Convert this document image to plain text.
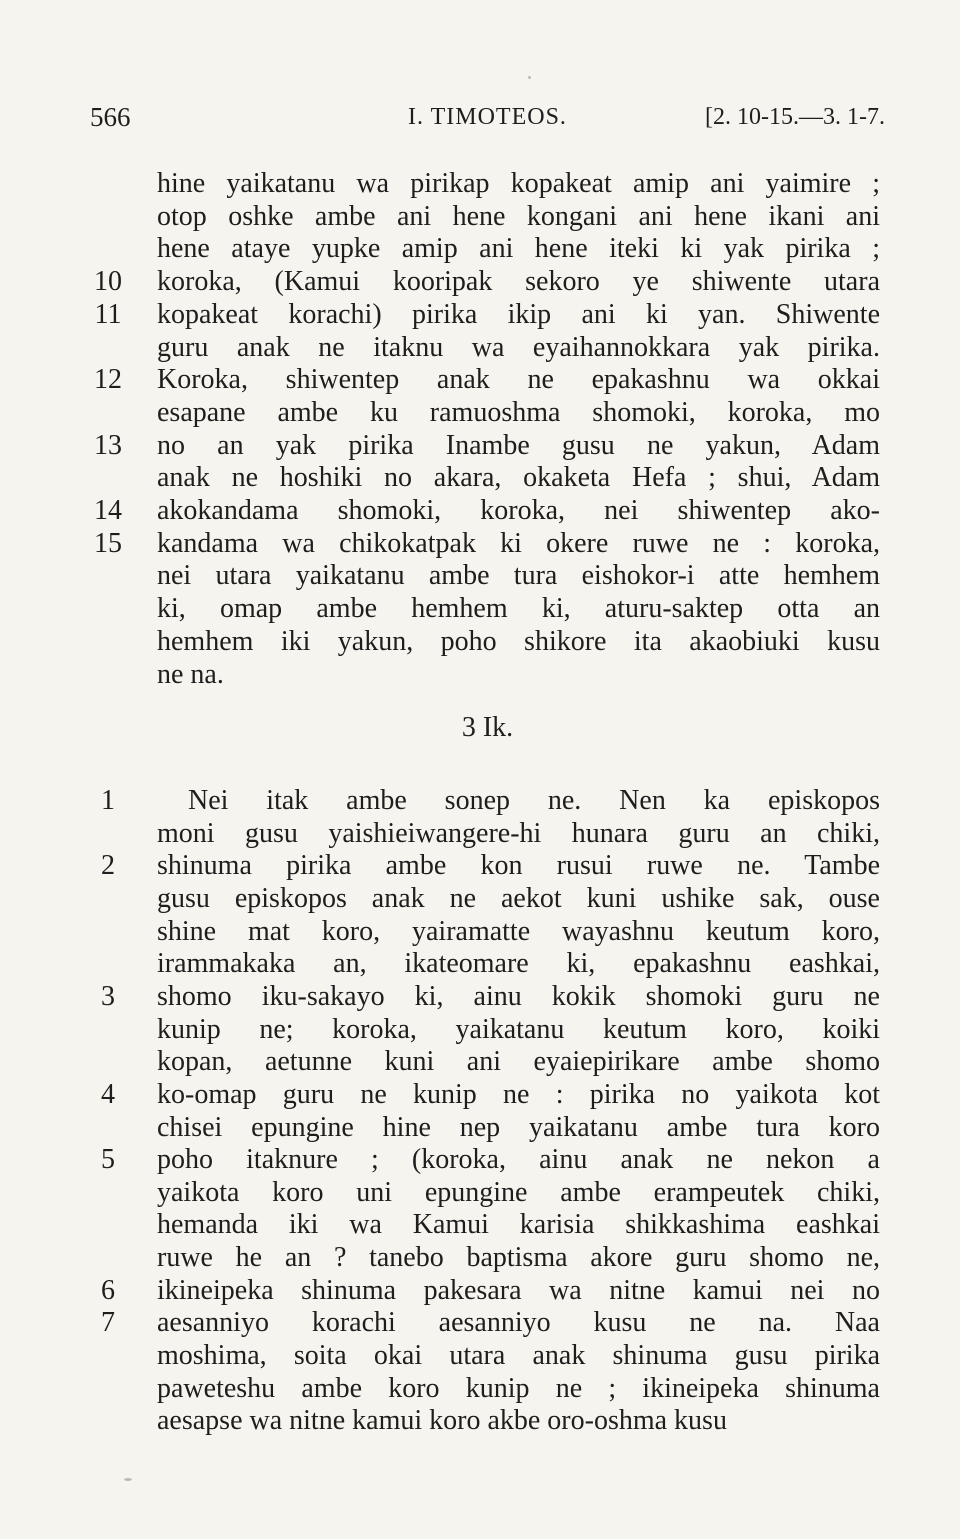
566	I. TIMOTEOS.	[2. 10-15.—3. 1-7.
hine yaikatanu wa pirikap kopakeat amip ani yaimire ;
otop oshke ambe ani hene kongani ani hene ikani ani
hene ataye yupke amip ani hene iteki ki yak pirika ;
koroka, (Kamui kooripak sekoro ye shiwente utara
kopakeat korachi) pirika ikip ani ki yan. Shiwente
guru anak ne itaknu wa eyaihannokkara yak pirika.
Koroka, shiwentep anak ne epakashnu wa okkai
esapane ambe ku ramuoshma shomoki, koroka, mo
no an yak pirika Inambe gusu ne yakun, Adam
anak ne hoshiki no akara, okaketa Hefa ; shui, Adam
akokandama shomoki, koroka, nei shiwentep ako-
kandama wa chikokatpak ki okere ruwe ne : koroka,
nei utara yaikatanu ambe tura eishokor-i atte hemhem
ki, omap ambe hemhem ki, aturu-saktep otta an
hemhem iki yakun, poho shikore ita akaobiuki kusu
ne na.
10
11
12
13
14
15
3 Ik.
Nei itak ambe sonep ne. Nen ka episkopos
moni gusu yaishieiwangere-hi hunara guru an chiki,
shinuma pirika ambe kon rusui ruwe ne. Tambe
gusu episkopos anak ne aekot kuni ushike sak, ouse
shine mat koro, yairamatte wayashnu keutum koro,
irammakaka an, ikateomare ki, epakashnu eashkai,
shomo iku-sakayo ki, ainu kokik shomoki guru ne
kunip ne; koroka, yaikatanu keutum koro, koiki
kopan, aetunne kuni ani eyaiepirikare ambe shomo
ko-omap guru ne kunip ne : pirika no yaikota kot
chisei epungine hine nep yaikatanu ambe tura koro
poho itaknure ; (koroka, ainu anak ne nekon a
yaikota koro uni epungine ambe erampeutek chiki,
hemanda iki wa Kamui karisia shikkashima eashkai
ruwe he an ? tanebo baptisma akore guru shomo ne,
ikineipeka shinuma pakesara wa nitne kamui nei no
aesanniyo korachi aesanniyo kusu ne na. Naa
moshima, soita okai utara anak shinuma gusu pirika
paweteshu ambe koro kunip ne ; ikineipeka shinuma
aesapse wa nitne kamui koro akbe oro-oshma kusu
1
2
3
4
5
6
7
